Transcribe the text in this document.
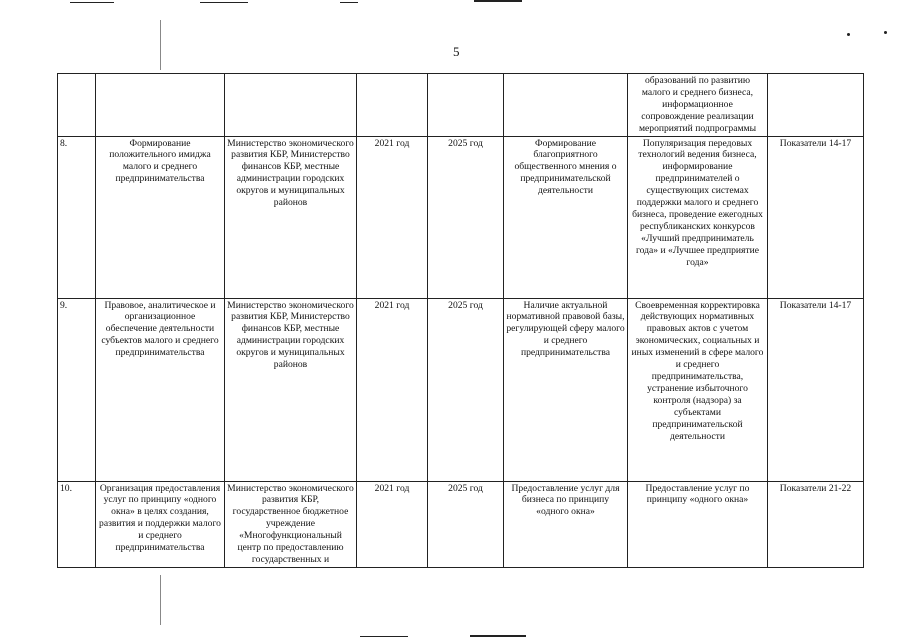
5
						образований по развитию малого и среднего бизнеса, информационное сопровождение реализации мероприятий подпрограммы	
8.	Формирование положительного имиджа малого и среднего предпринимательства	Министерство экономического развития КБР, Министерство финансов КБР, местные администрации городских округов и муниципальных районов	2021 год	2025 год	Формирование благоприятного общественного мнения о предпринимательской деятельности	Популяризация передовых технологий ведения бизнеса, информирование предпринимателей о существующих системах поддержки малого и среднего бизнеса, проведение ежегодных республиканских конкурсов «Лучший предприниматель года» и «Лучшее предприятие года»	Показатели 14-17
9.	Правовое, аналитическое и организационное обеспечение деятельности субъектов малого и среднего предпринимательства	Министерство экономического развития КБР, Министерство финансов КБР, местные администрации городских округов и муниципальных районов	2021 год	2025 год	Наличие актуальной нормативной правовой базы, регулирующей сферу малого и среднего предпринимательства	Своевременная корректировка действующих нормативных правовых актов с учетом экономических, социальных и иных изменений в сфере малого и среднего предпринимательства, устранение избыточного контроля (надзора) за субъектами предпринимательской деятельности	Показатели 14-17
10.	Организация предоставления услуг по принципу «одного окна» в целях создания, развития и поддержки малого и среднего предпринимательства	Министерство экономического развития КБР, государственное бюджетное учреждение «Многофункциональный центр по предоставлению государственных и	2021 год	2025 год	Предоставление услуг для бизнеса по принципу «одного окна»	Предоставление услуг по принципу «одного окна»	Показатели 21-22
